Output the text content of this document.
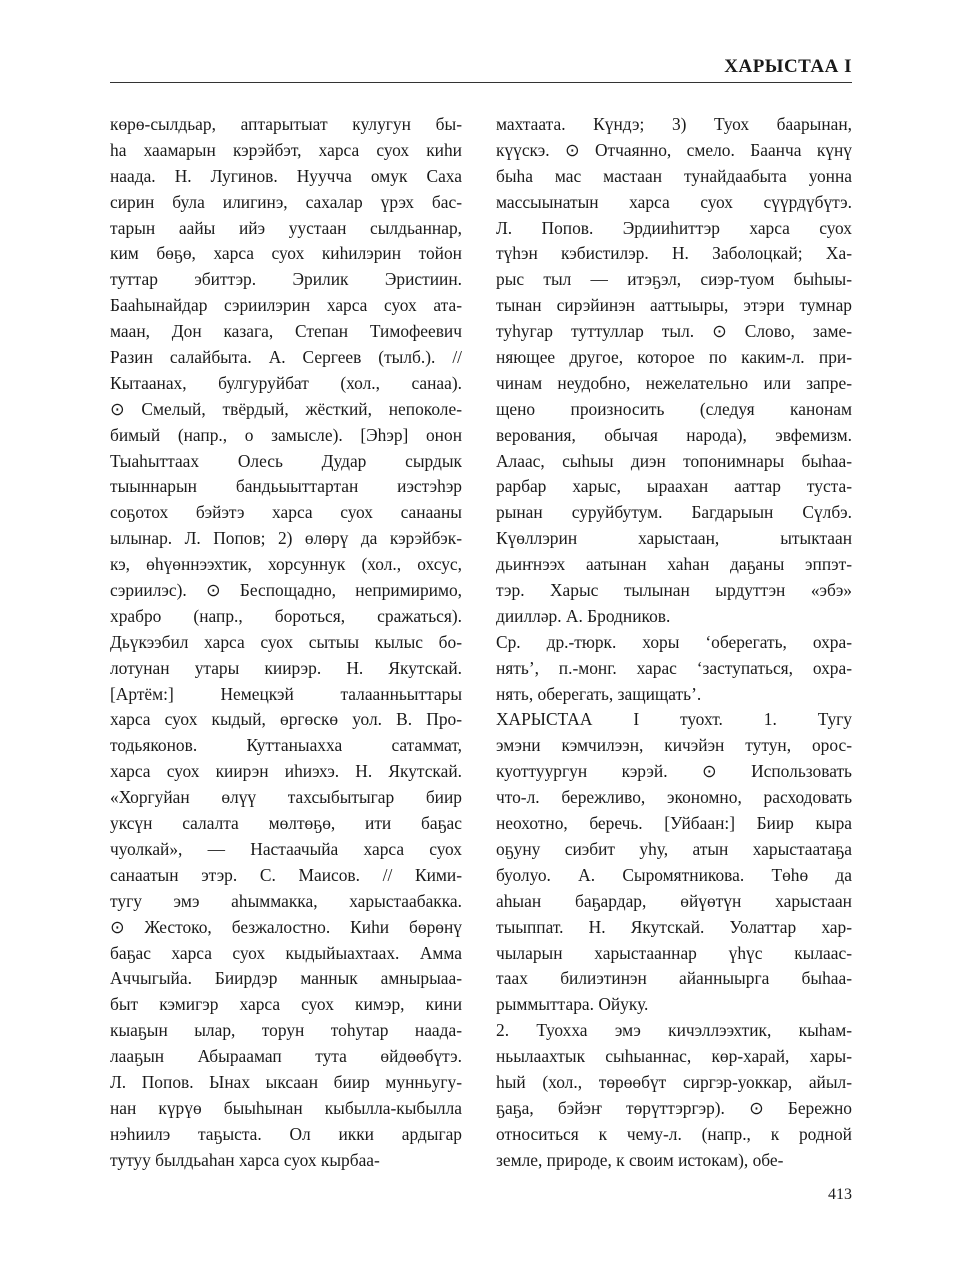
ХАРЫСТАА I
көрө-сылдьар, аптарытыат кулугун бы-
һа хаамарын кэрэйбэт, харса суох киһи
наада. Н. Лугинов. Нуучча омук Саха
сирин була илигинэ, сахалар үрэх бас-
тарын аайы ийэ уустаан сылдьаннар,
ким бөҕө, харса суох киһилэрин тойон
туттар эбиттэр. Эрилик Эристиин.
Бааһынайдар сэриилэрин харса суох ата-
маан, Дон казага, Степан Тимофеевич
Разин салайбыта. А. Сергеев (тылб.). //
Кытаанах, булгуруйбат (хол., санаа).
⊙ Смелый, твёрдый, жёсткий, непоколе-
бимый (напр., о замысле). [Эһэр] онон
Тыаһыттаах Олесь Дудар сырдык
тыыннарын бандьыыттартан иэстэһэр
соҕотох бэйэтэ харса суох санааны
ылынар. Л. Попов; 2) өлөрү да кэрэйбэк-
кэ, өһүөннээхтик, хорсуннук (хол., охсус,
сэриилэс). ⊙ Беспощадно, непримиримо,
храбро (напр., бороться, сражаться).
Дьүкээбил харса суох сытыы кылыс бо-
лотунан утары киирэр. Н. Якутскай.
[Артём:] Немецкэй талаанньыттары
харса суох кыдый, өргөскө уол. В. Про-
тодьяконов. Куттаныахха сатаммат,
харса суох киирэн иһиэхэ. Н. Якутскай.
«Хоргуйан өлүү тахсыбытыгар биир
уксүн салалта мөлтөҕө, ити баҕас
чуолкай», — Настаачыйа харса суох
санаатын этэр. С. Маисов. // Кими-
тугу эмэ аһыммакка, харыстаабакка.
⊙ Жестоко, безжалостно. Киһи бөрөнү
баҕас харса суох кыдыйыахтаах. Амма
Аччыгыйа. Биирдэр маннык амнырыаа-
быт кэмигэр харса суох кимэр, кини
кыаҕын ылар, торун тоһутар наада-
лааҕын Абыраамап тута өйдөөбүтэ.
Л. Попов. Ынах ыксаан биир мунньугу-
нан күрүө быыһынан кыбылла-кыбылла
нэһиилэ таҕыста. Ол икки ардыгар
тутуу былдьаһан харса суох кырбаа-
махтаата. Күндэ; 3) Туох баарынан,
күүскэ. ⊙ Отчаянно, смело. Баанча күнү
быһа мас мастаан тунайдаабыта уонна
массыынатын харса суох сүүрдүбүтэ.
Л. Попов. Эрдииһиттэр харса суох
түһэн кэбистилэр. Н. Заболоцкай; Ха-
рыс тыл — итэҕэл, сиэр-туом быһыы-
тынан сирэйинэн ааттыыры, этэри тумнар
туһугар туттуллар тыл. ⊙ Слово, заме-
няющее другое, которое по каким-л. при-
чинам неудобно, нежелательно или запре-
щено произносить (следуя канонам
верования, обычая народа), эвфемизм.
Алаас, сыһыы диэн топонимнары быһаа-
рарбар харыс, ыраахан ааттар туста-
рынан суруйбутум. Багдарыын Сүлбэ.
Күөллэрин харыстаан, ытыктаан
дьиҥнээх аатынан хаһан даҕаны эппэт-
тэр. Харыс тылынан ырдуттэн «эбэ»
диилләр. А. Бродников.
Ср. др.-тюрк. хоры ‘оберегать, охра-
нять’, п.-монг. харас ‘заступаться, охра-
нять, оберегать, защищать’.
ХАРЫСТАА I туохт. 1. Тугу
эмэни кэмчилээн, кичэйэн тутун, орос-
куоттуургун кэрэй. ⊙ Использовать
что-л. бережливо, экономно, расходовать
неохотно, беречь. [Уйбаан:] Биир кыра
оҕуну сиэбит уһу, атын харыстаатаҕа
буолуо. А. Сыромятникова. Төһө да
аһыан баҕардар, өйүөтүн харыстаан
тыыппат. Н. Якутскай. Уолаттар хар-
чыларын харыстааннар үһүс кылаас-
таах билиэтинэн айанныырга быһаа-
рыммыттара. Ойуку.
2. Туохха эмэ кичэллээхтик, кыһам-
ньылаахтык сыһыаннас, көр-харай, хары-
һый (хол., төрөөбүт сиргэр-уоккар, айыл-
ҕаҕа, бэйэҥ төрүттэргэр). ⊙ Бережно
относиться к чему-л. (напр., к родной
земле, природе, к своим истокам), обе-
413
